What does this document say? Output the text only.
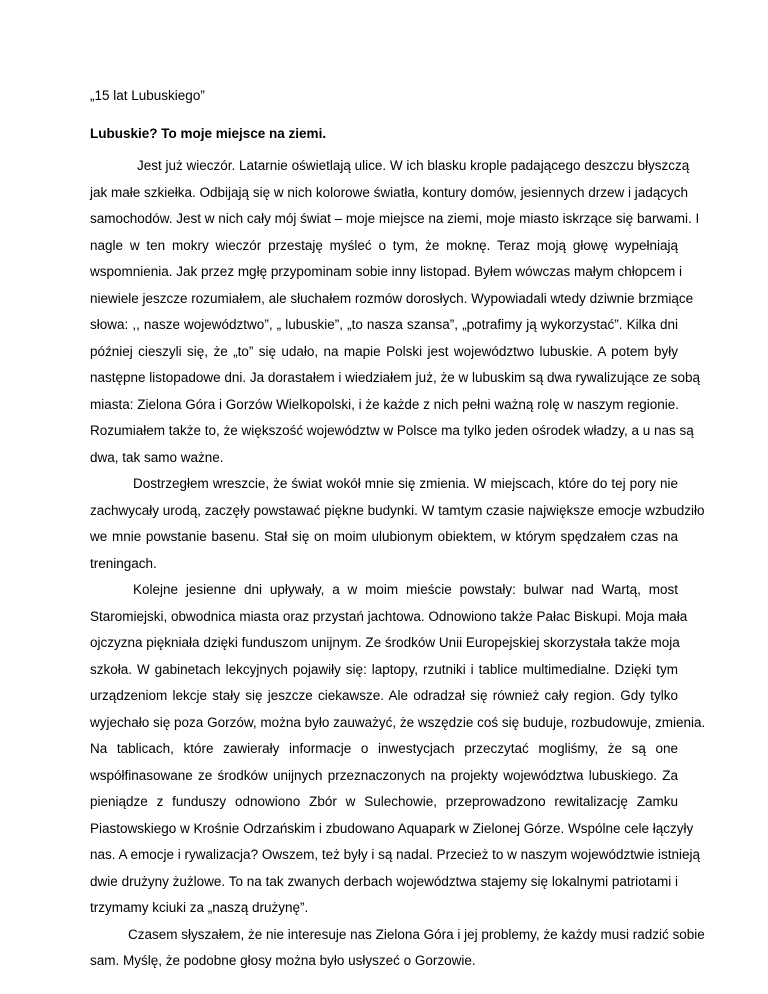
„15 lat Lubuskiego”
Lubuskie? To moje miejsce na ziemi.
Jest już wieczór. Latarnie oświetlają ulice. W ich blasku krople padającego deszczu błyszczą
jak małe szkiełka. Odbijają się w nich kolorowe światła, kontury domów, jesiennych drzew i jadących
samochodów. Jest w nich cały mój świat – moje miejsce na ziemi, moje miasto iskrzące się barwami. I
nagle w ten mokry wieczór przestaję myśleć o tym, że moknę. Teraz moją głowę wypełniają
wspomnienia. Jak przez mgłę przypominam sobie inny listopad. Byłem wówczas małym chłopcem i
niewiele jeszcze rozumiałem, ale słuchałem rozmów dorosłych. Wypowiadali wtedy dziwnie brzmiące
słowa: ,, nasze województwo”, „ lubuskie”, „to nasza szansa”, „potrafimy ją wykorzystać”. Kilka dni
później cieszyli się, że „to” się udało, na mapie Polski jest województwo lubuskie. A potem były
następne listopadowe dni. Ja dorastałem i wiedziałem już, że w lubuskim są dwa rywalizujące ze sobą
miasta: Zielona Góra i Gorzów Wielkopolski, i że każde z nich pełni ważną rolę w naszym regionie.
Rozumiałem także to, że większość województw w Polsce ma tylko jeden ośrodek władzy, a u nas są
dwa, tak samo ważne.
Dostrzegłem wreszcie, że świat wokół mnie się zmienia. W miejscach, które do tej pory nie
zachwycały urodą, zaczęły powstawać piękne budynki. W tamtym czasie największe emocje wzbudziło
we mnie powstanie basenu. Stał się on moim ulubionym obiektem, w którym spędzałem czas na
treningach.
Kolejne jesienne dni upływały, a w moim mieście powstały: bulwar nad Wartą, most
Staromiejski, obwodnica miasta oraz przystań jachtowa. Odnowiono także Pałac Biskupi. Moja mała
ojczyzna piękniała dzięki funduszom unijnym. Ze środków Unii Europejskiej skorzystała także moja
szkoła. W gabinetach lekcyjnych pojawiły się: laptopy, rzutniki i tablice multimedialne. Dzięki tym
urządzeniom lekcje stały się jeszcze ciekawsze. Ale odradzał się również cały region. Gdy tylko
wyjechało się poza Gorzów, można było zauważyć, że wszędzie coś się buduje, rozbudowuje, zmienia.
Na tablicach, które zawierały informacje o inwestycjach przeczytać mogliśmy, że są one
współfinasowane ze środków unijnych przeznaczonych na projekty województwa lubuskiego. Za
pieniądze z funduszy odnowiono Zbór w Sulechowie, przeprowadzono rewitalizację Zamku
Piastowskiego w Krośnie Odrzańskim i zbudowano Aquapark w Zielonej Górze. Wspólne cele łączyły
nas. A emocje i rywalizacja? Owszem, też były i są nadal. Przecież to w naszym województwie istnieją
dwie drużyny żużlowe. To na tak zwanych derbach województwa stajemy się lokalnymi patriotami i
trzymamy kciuki za „naszą drużynę”.
Czasem słyszałem, że nie interesuje nas Zielona Góra i jej problemy, że każdy musi radzić sobie
sam. Myślę, że podobne głosy można było usłyszeć o Gorzowie.
